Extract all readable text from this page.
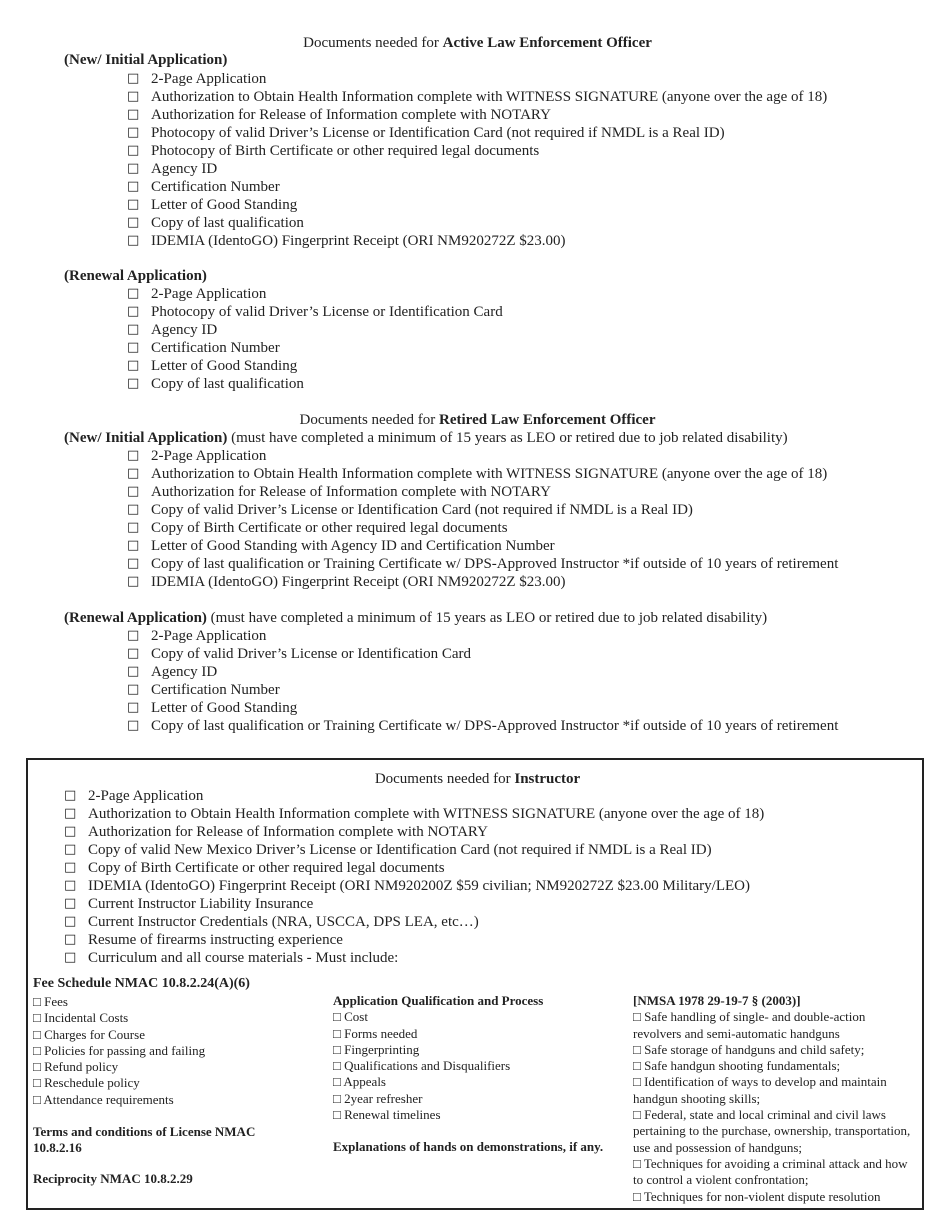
Documents needed for Active Law Enforcement Officer
(New/ Initial Application)
□ 2-Page Application
□ Authorization to Obtain Health Information complete with WITNESS SIGNATURE (anyone over the age of 18)
□ Authorization for Release of Information complete with NOTARY
□ Photocopy of valid Driver’s License or Identification Card (not required if NMDL is a Real ID)
□ Photocopy of Birth Certificate or other required legal documents
□ Agency ID
□ Certification Number
□ Letter of Good Standing
□ Copy of last qualification
□ IDEMIA (IdentoGO) Fingerprint Receipt (ORI NM920272Z $23.00)
(Renewal Application)
□ 2-Page Application
□ Photocopy of valid Driver’s License or Identification Card
□ Agency ID
□ Certification Number
□ Letter of Good Standing
□ Copy of last qualification
Documents needed for Retired Law Enforcement Officer
(New/ Initial Application) (must have completed a minimum of 15 years as LEO or retired due to job related disability)
□ 2-Page Application
□ Authorization to Obtain Health Information complete with WITNESS SIGNATURE (anyone over the age of 18)
□ Authorization for Release of Information complete with NOTARY
□ Copy of valid Driver’s License or Identification Card (not required if NMDL is a Real ID)
□ Copy of Birth Certificate or other required legal documents
□ Letter of Good Standing with Agency ID and Certification Number
□ Copy of last qualification or Training Certificate w/ DPS-Approved Instructor *if outside of 10 years of retirement
□ IDEMIA (IdentoGO) Fingerprint Receipt (ORI NM920272Z $23.00)
(Renewal Application) (must have completed a minimum of 15 years as LEO or retired due to job related disability)
□ 2-Page Application
□ Copy of valid Driver’s License or Identification Card
□ Agency ID
□ Certification Number
□ Letter of Good Standing
□ Copy of last qualification or Training Certificate w/ DPS-Approved Instructor *if outside of 10 years of retirement
Documents needed for Instructor
□ 2-Page Application
□ Authorization to Obtain Health Information complete with WITNESS SIGNATURE (anyone over the age of 18)
□ Authorization for Release of Information complete with NOTARY
□ Copy of valid New Mexico Driver’s License or Identification Card (not required if NMDL is a Real ID)
□ Copy of Birth Certificate or other required legal documents
□ IDEMIA (IdentoGO) Fingerprint Receipt (ORI NM920200Z $59 civilian; NM920272Z $23.00 Military/LEO)
□ Current Instructor Liability Insurance
□ Current Instructor Credentials (NRA, USCCA, DPS LEA, etc…)
□ Resume of firearms instructing experience
□ Curriculum and all course materials - Must include:
Fee Schedule NMAC 10.8.2.24(A)(6)
□ Fees
□ Incidental Costs
□ Charges for Course
□ Policies for passing and failing
□ Refund policy
□ Reschedule policy
□ Attendance requirements
Terms and conditions of License NMAC 10.8.2.16
Reciprocity NMAC 10.8.2.29
Application Qualification and Process
□ Cost
□ Forms needed
□ Fingerprinting
□ Qualifications and Disqualifiers
□ Appeals
□ 2year refresher
□ Renewal timelines
Explanations of hands on demonstrations, if any.
[NMSA 1978 29-19-7 § (2003)]
□ Safe handling of single- and double-action revolvers and semi-automatic handguns
□ Safe storage of handguns and child safety;
□ Safe handgun shooting fundamentals;
□ Identification of ways to develop and maintain handgun shooting skills;
□ Federal, state and local criminal and civil laws pertaining to the purchase, ownership, transportation, use and possession of handguns;
□ Techniques for avoiding a criminal attack and how to control a violent confrontation;
□ Techniques for non-violent dispute resolution
